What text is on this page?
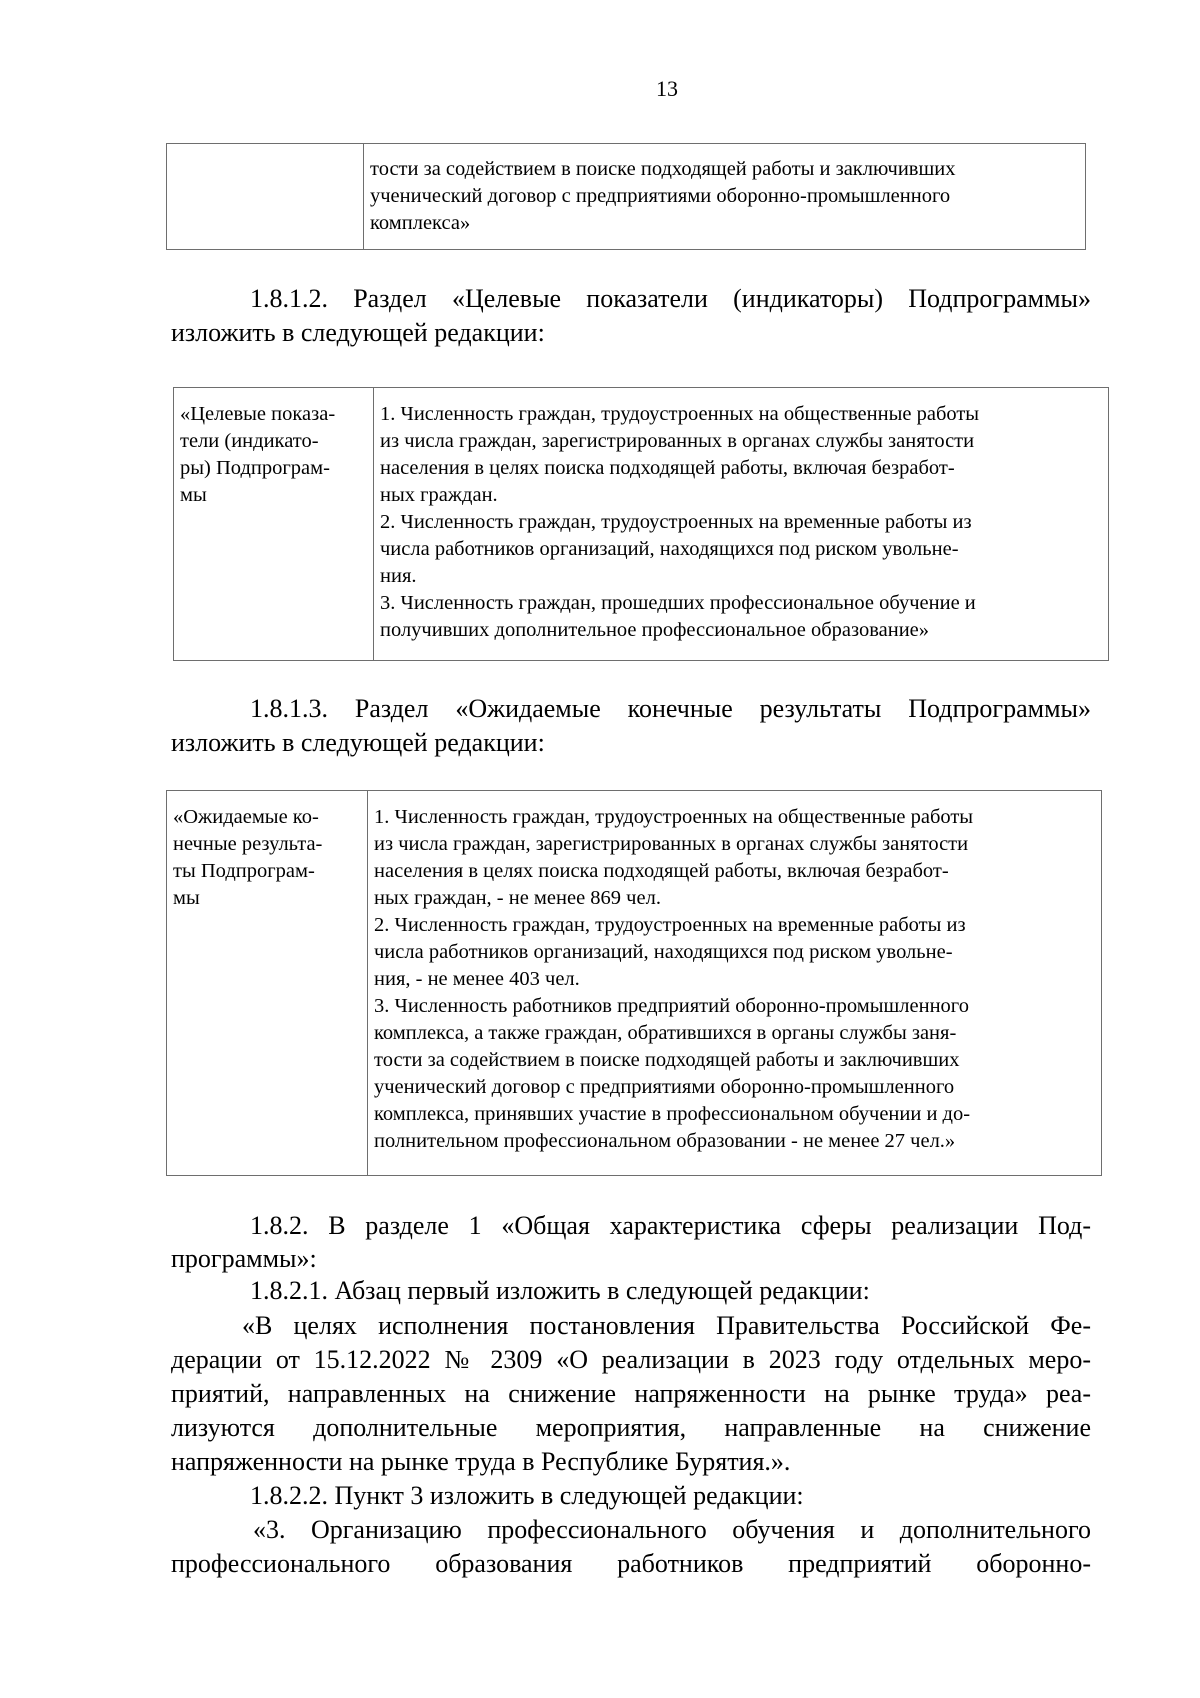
13

тости за содействием в поиске подходящей работы и заключивших
ученический договор с предприятиями оборонно-промышленного
комплекса»
1.8.1.2. Раздел «Целевые показатели (индикаторы) Подпрограммы»
изложить в следующей редакции:
«Целевые показа-
тели (индикато-
ры) Подпрограм-
мы

1. Численность граждан, трудоустроенных на общественные работы
из числа граждан, зарегистрированных в органах службы занятости
населения в целях поиска подходящей работы, включая безработ-
ных граждан.
2. Численность граждан, трудоустроенных на временные работы из
числа работников организаций, находящихся под риском увольне-
ния.
3. Численность граждан, прошедших профессиональное обучение и
получивших дополнительное профессиональное образование»
1.8.1.3. Раздел «Ожидаемые конечные результаты Подпрограммы»
изложить в следующей редакции:
«Ожидаемые ко-
нечные результа-
ты Подпрограм-
мы

1. Численность граждан, трудоустроенных на общественные работы
из числа граждан, зарегистрированных в органах службы занятости
населения в целях поиска подходящей работы, включая безработ-
ных граждан, - не менее 869 чел.
2. Численность граждан, трудоустроенных на временные работы из
числа работников организаций, находящихся под риском увольне-
ния, - не менее 403 чел.
3. Численность работников предприятий оборонно-промышленного
комплекса, а также граждан, обратившихся в органы службы заня-
тости за содействием в поиске подходящей работы и заключивших
ученический договор с предприятиями оборонно-промышленного
комплекса, принявших участие в профессиональном обучении и до-
полнительном профессиональном образовании - не менее 27 чел.»
1.8.2. В разделе 1 «Общая характеристика сферы реализации Под-
программы»:
1.8.2.1. Абзац первый изложить в следующей редакции:
«В целях исполнения постановления Правительства Российской Фе-
дерации от 15.12.2022 № 2309 «О реализации в 2023 году отдельных меро-
приятий, направленных на снижение напряженности на рынке труда» реа-
лизуются дополнительные мероприятия, направленные на снижение
напряженности на рынке труда в Республике Бурятия.».
1.8.2.2. Пункт 3 изложить в следующей редакции:
«3. Организацию профессионального обучения и дополнительного
профессионального образования работников предприятий оборонно-
